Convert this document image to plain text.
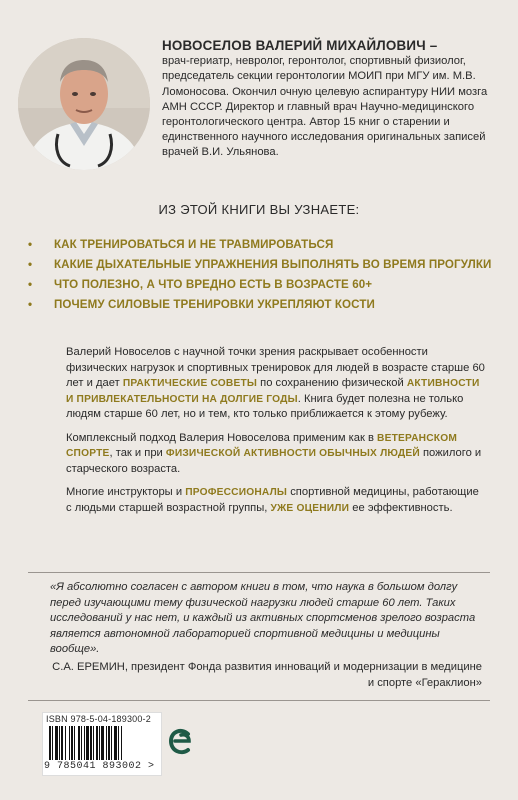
НОВОСЕЛОВ ВАЛЕРИЙ МИХАЙЛОВИЧ –
врач-гериатр, невролог, геронтолог, спортивный физиолог, председатель секции геронтологии МОИП при МГУ им. М.В. Ломоносова. Окончил очную целевую аспирантуру НИИ мозга АМН СССР. Директор и главный врач Научно-медицинского геронтологического центра. Автор 15 книг о старении и единственного научного исследования оригинальных записей врачей В.И. Ульянова.
ИЗ ЭТОЙ КНИГИ ВЫ УЗНАЕТЕ:
• КАК ТРЕНИРОВАТЬСЯ И НЕ ТРАВМИРОВАТЬСЯ
• КАКИЕ ДЫХАТЕЛЬНЫЕ УПРАЖНЕНИЯ ВЫПОЛНЯТЬ ВО ВРЕМЯ ПРОГУЛКИ
• ЧТО ПОЛЕЗНО, А ЧТО ВРЕДНО ЕСТЬ В ВОЗРАСТЕ 60+
• ПОЧЕМУ СИЛОВЫЕ ТРЕНИРОВКИ УКРЕПЛЯЮТ КОСТИ

Валерий Новоселов с научной точки зрения раскрывает особенности физических нагрузок и спортивных тренировок для людей в возрасте старше 60 лет и дает ПРАКТИЧЕСКИЕ СОВЕТЫ по сохранению физической АКТИВНОСТИ И ПРИВЛЕКАТЕЛЬНОСТИ НА ДОЛГИЕ ГОДЫ. Книга будет полезна не только людям старше 60 лет, но и тем, кто только приближается к этому рубежу.

Комплексный подход Валерия Новоселова применим как в ВЕТЕРАНСКОМ СПОРТЕ, так и при ФИЗИЧЕСКОЙ АКТИВНОСТИ ОБЫЧНЫХ ЛЮДЕЙ пожилого и старческого возраста.

Многие инструкторы и ПРОФЕССИОНАЛЫ спортивной медицины, работающие с людьми старшей возрастной группы, УЖЕ ОЦЕНИЛИ ее эффективность.

«Я абсолютно согласен с автором книги в том, что наука в большом долгу перед изучающими тему физической нагрузки людей старше 60 лет. Таких исследований у нас нет, и каждый из активных спортсменов зрелого возраста является автономной лабораторией спортивной медицины и медицины вообще».
С.А. ЕРЕМИН, президент Фонда развития инноваций и модернизации в медицине и спорте «Гераклион»
ISBN 978-5-04-189300-2
9 785041 893002 >
